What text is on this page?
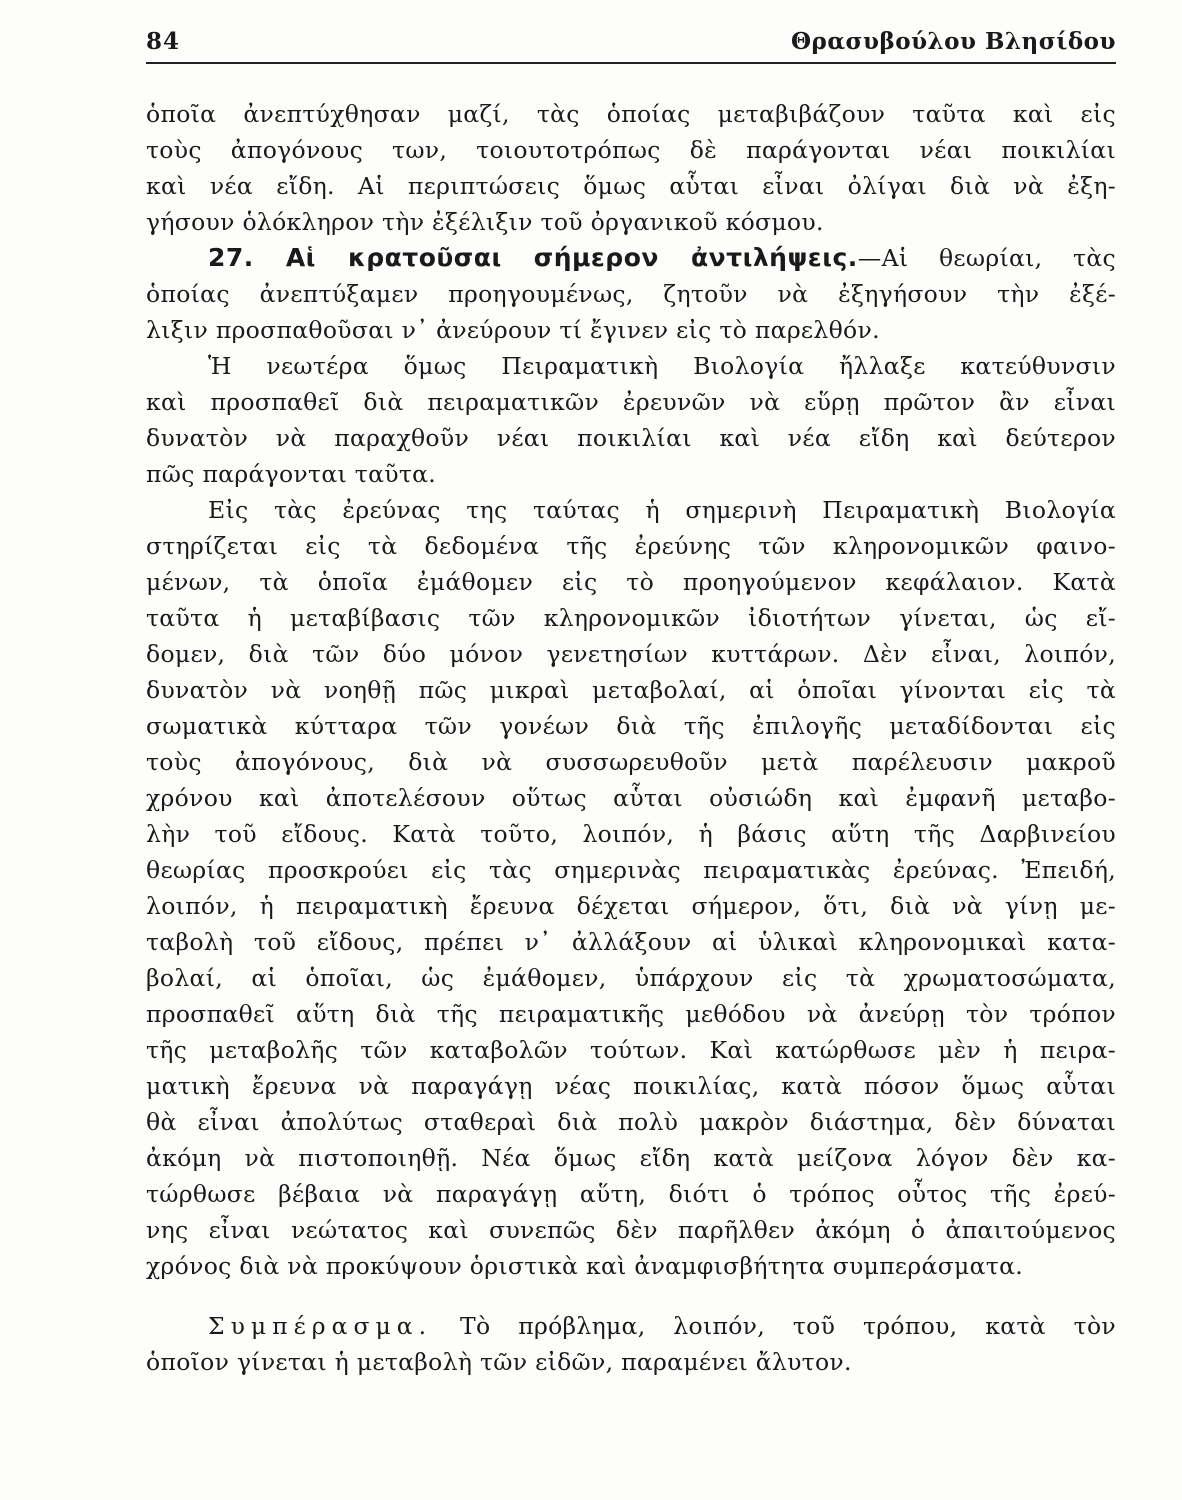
84	Θρασυβούλου Βλησίδου
ὁποῖα ἀνεπτύχθησαν μαζί, τὰς ὁποίας μεταβιβάζουν ταῦτα καὶ εἰς
τοὺς ἀπογόνους των, τοιουτοτρόπως δὲ παράγονται νέαι ποικιλίαι
καὶ νέα εἴδη. Αἱ περιπτώσεις ὅμως αὗται εἶναι ὀλίγαι διὰ νὰ ἐξη-
γήσουν ὁλόκληρον τὴν ἐξέλιξιν τοῦ ὀργανικοῦ κόσμου.
27. Αἱ κρατοῦσαι σήμερον ἀντιλήψεις.—Αἱ θεωρίαι, τὰς
ὁποίας ἀνεπτύξαμεν προηγουμένως, ζητοῦν νὰ ἐξηγήσουν τὴν ἐξέ-
λιξιν προσπαθοῦσαι ν᾽ ἀνεύρουν τί ἔγινεν εἰς τὸ παρελθόν.
Ἡ νεωτέρα ὅμως Πειραματικὴ Βιολογία ἤλλαξε κατεύθυνσιν
καὶ προσπαθεῖ διὰ πειραματικῶν ἐρευνῶν νὰ εὕρῃ πρῶτον ἂν εἶναι
δυνατὸν νὰ παραχθοῦν νέαι ποικιλίαι καὶ νέα εἴδη καὶ δεύτερον
πῶς παράγονται ταῦτα.
Εἰς τὰς ἐρεύνας της ταύτας ἡ σημερινὴ Πειραματικὴ Βιολογία
στηρίζεται εἰς τὰ δεδομένα τῆς ἐρεύνης τῶν κληρονομικῶν φαινο-
μένων, τὰ ὁποῖα ἐμάθομεν εἰς τὸ προηγούμενον κεφάλαιον. Κατὰ
ταῦτα ἡ μεταβίβασις τῶν κληρονομικῶν ἰδιοτήτων γίνεται, ὡς εἴ-
δομεν, διὰ τῶν δύο μόνον γενετησίων κυττάρων. Δὲν εἶναι, λοιπόν,
δυνατὸν νὰ νοηθῇ πῶς μικραὶ μεταβολαί, αἱ ὁποῖαι γίνονται εἰς τὰ
σωματικὰ κύτταρα τῶν γονέων διὰ τῆς ἐπιλογῆς μεταδίδονται εἰς
τοὺς ἀπογόνους, διὰ νὰ συσσωρευθοῦν μετὰ παρέλευσιν μακροῦ
χρόνου καὶ ἀποτελέσουν οὕτως αὗται οὐσιώδη καὶ ἐμφανῆ μεταβο-
λὴν τοῦ εἴδους. Κατὰ τοῦτο, λοιπόν, ἡ βάσις αὕτη τῆς Δαρβινείου
θεωρίας προσκρούει εἰς τὰς σημερινὰς πειραματικὰς ἐρεύνας. Ἐπειδή,
λοιπόν, ἡ πειραματικὴ ἔρευνα δέχεται σήμερον, ὅτι, διὰ νὰ γίνῃ με-
ταβολὴ τοῦ εἴδους, πρέπει ν᾽ ἀλλάξουν αἱ ὑλικαὶ κληρονομικαὶ κατα-
βολαί, αἱ ὁποῖαι, ὡς ἐμάθομεν, ὑπάρχουν εἰς τὰ χρωματοσώματα,
προσπαθεῖ αὕτη διὰ τῆς πειραματικῆς μεθόδου νὰ ἀνεύρῃ τὸν τρόπον
τῆς μεταβολῆς τῶν καταβολῶν τούτων. Καὶ κατώρθωσε μὲν ἡ πειρα-
ματικὴ ἔρευνα νὰ παραγάγῃ νέας ποικιλίας, κατὰ πόσον ὅμως αὗται
θὰ εἶναι ἀπολύτως σταθεραὶ διὰ πολὺ μακρὸν διάστημα, δὲν δύναται
ἀκόμη νὰ πιστοποιηθῇ. Νέα ὅμως εἴδη κατὰ μείζονα λόγον δὲν κα-
τώρθωσε βέβαια νὰ παραγάγῃ αὕτη, διότι ὁ τρόπος οὗτος τῆς ἐρεύ-
νης εἶναι νεώτατος καὶ συνεπῶς δὲν παρῆλθεν ἀκόμη ὁ ἀπαιτούμενος
χρόνος διὰ νὰ προκύψουν ὁριστικὰ καὶ ἀναμφισβήτητα συμπεράσματα.
Συμπέρασμα. Τὸ πρόβλημα, λοιπόν, τοῦ τρόπου, κατὰ τὸν
ὁποῖον γίνεται ἡ μεταβολὴ τῶν εἰδῶν, παραμένει ἄλυτον.
